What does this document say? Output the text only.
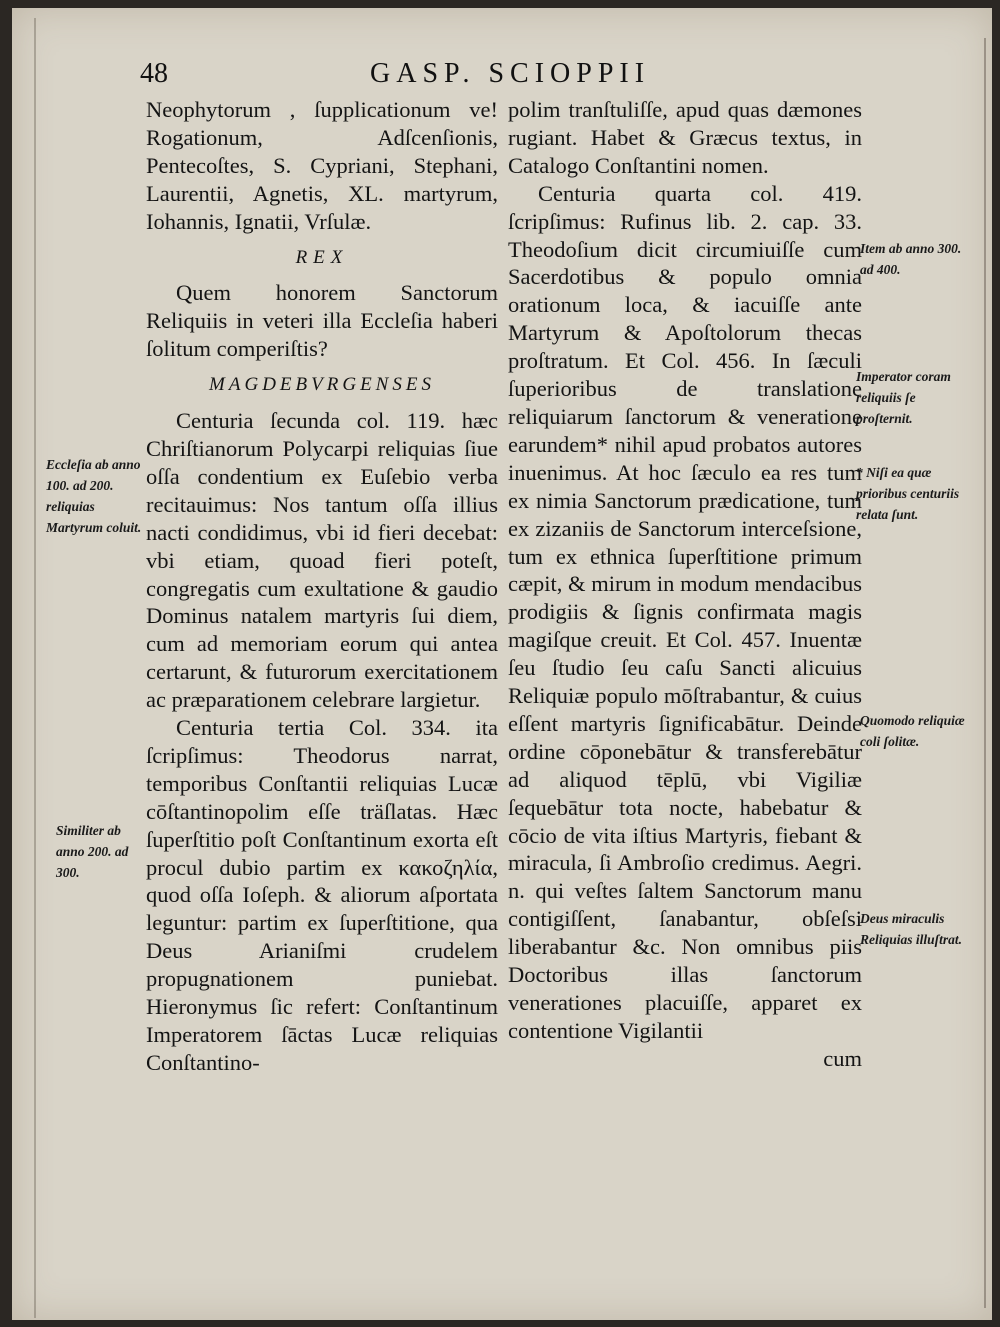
48	GASP. SCIOPPII

Neophytorum , ſupplicationum ve! Rogationum, Adſcenſionis, Pentecoſtes, S. Cypriani, Stephani, Laurentii, Agnetis, XL. martyrum, Iohannis, Ignatii, Vrſulæ.

REX

Quem honorem Sanctorum Reliquiis in veteri illa Eccleſia haberi ſolitum comperiſtis?

MAGDEBVRGENSES

Centuria ſecunda col. 119. hæc Chriſtianorum Polycarpi reliquias ſiue oſſa condentium ex Euſebio verba recitauimus: Nos tantum oſſa illius nacti condidimus, vbi id fieri decebat: vbi etiam, quoad fieri poteſt, congregatis cum exultatione & gaudio Dominus natalem martyris ſui diem, cum ad memoriam eorum qui antea certarunt, & futurorum exercitationem ac præparationem celebrare largietur.

Centuria tertia Col. 334. ita ſcripſimus: Theodorus narrat, temporibus Conſtantii reliquias Lucæ cōſtantinopolim eſſe träſlatas. Hæc ſuperſtitio poſt Conſtantinum exorta eſt procul dubio partim ex κακοζηλία, quod oſſa Ioſeph. & aliorum aſportata leguntur: partim ex ſuperſtitione, qua Deus Arianiſmi crudelem propugnationem puniebat. Hieronymus ſic refert: Conſtantinum Imperatorem ſāctas Lucæ reliquias Conſtantino-

polim tranſtuliſſe, apud quas dæmones rugiant. Habet & Græcus textus, in Catalogo Conſtantini nomen.

Centuria quarta col. 419. ſcripſimus: Rufinus lib. 2. cap. 33. Theodoſium dicit circumiuiſſe cum Sacerdotibus & populo omnia orationum loca, & iacuiſſe ante Martyrum & Apoſtolorum thecas proſtratum. Et Col. 456. In ſæculi ſuperioribus de translatione reliquiarum ſanctorum & veneratione earundem* nihil apud probatos autores inuenimus. At hoc ſæculo ea res tum ex nimia Sanctorum prædicatione, tum ex zizaniis de Sanctorum interceſsione, tum ex ethnica ſuperſtitione primum cæpit, & mirum in modum mendacibus prodigiis & ſignis confirmata magis magiſque creuit. Et Col. 457. Inuentæ ſeu ſtudio ſeu caſu Sancti alicuius Reliquiæ populo mōſtrabantur, & cuius eſſent martyris ſignificabātur. Deinde ordine cōponebātur & transferebātur ad aliquod tēplū, vbi Vigiliæ ſequebātur tota nocte, habebatur & cōcio de vita iſtius Martyris, fiebant & miracula, ſi Ambroſio credimus. Aegri. n. qui veſtes ſaltem Sanctorum manu contigiſſent, ſanabantur, obſeſsi liberabantur &c. Non omnibus piis Doctoribus illas ſanctorum venerationes placuiſſe, apparet ex contentione Vigilantii

cum

Eccleſia ab anno 100. ad 200. reliquias Martyrum coluit.
Similiter ab anno 200. ad 300.
Item ab anno 300. ad 400.
Imperator coram reliquiis ſe proſternit.
* Niſi ea quæ prioribus centuriis relata ſunt.
Quomodo reliquiæ coli ſolitæ.
Deus miraculis Reliquias illuſtrat.
